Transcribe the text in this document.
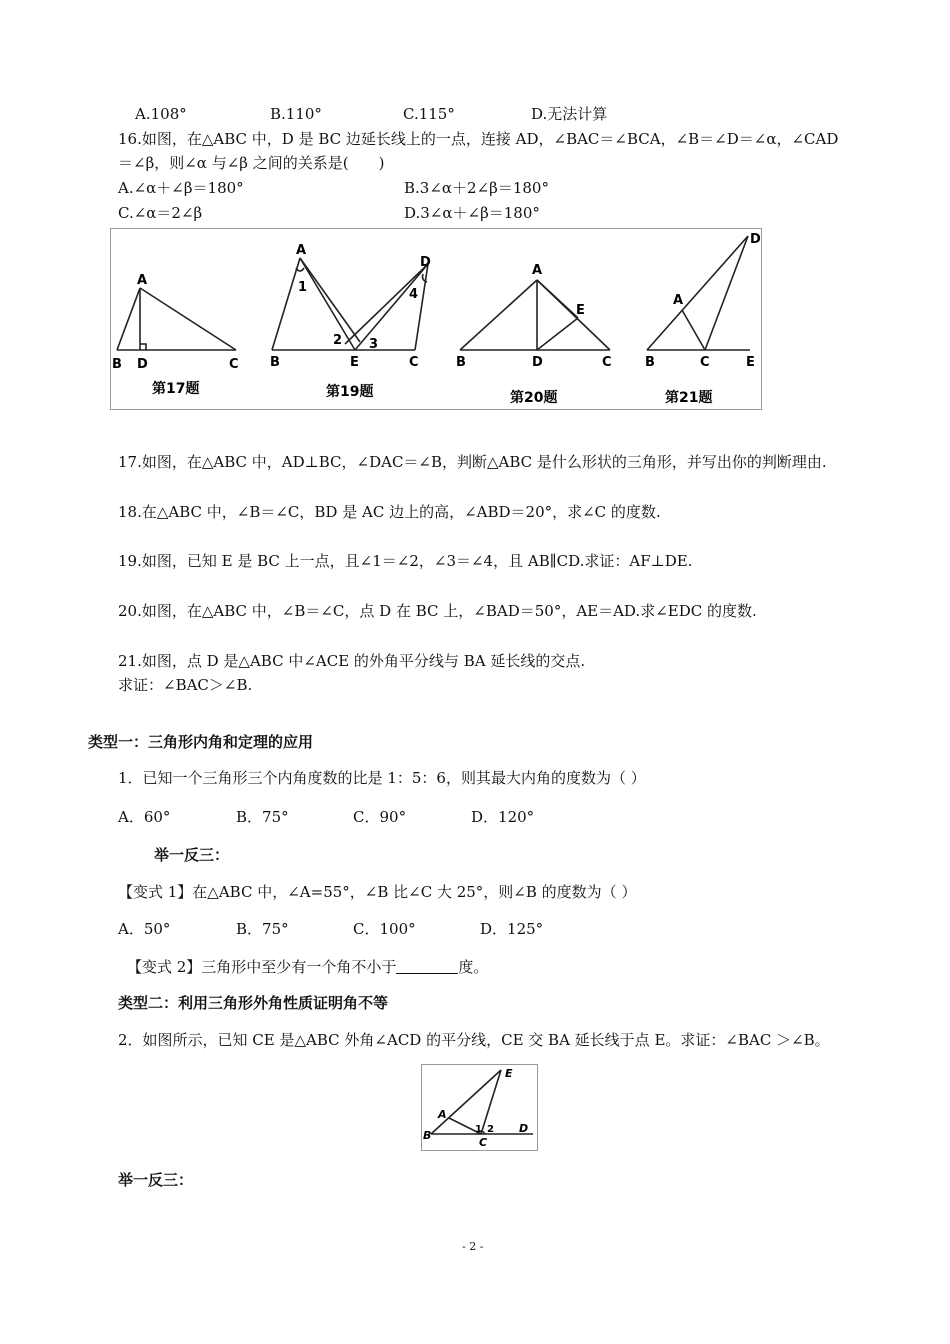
A.108°	B.110°	C.115°	D.无法计算
16.如图，在△ABC 中，D 是 BC 边延长线上的一点，连接 AD，∠BAC＝∠BCA，∠B＝∠D＝∠α，∠CAD
＝∠β，则∠α 与∠β 之间的关系是(　　)
A.∠α＋∠β＝180°	B.3∠α＋2∠β＝180°
C.∠α＝2∠β	D.3∠α＋∠β＝180°
A
B D	C
第17题
A
D
B	E	C
1
2 3
4
第19题
A
E
B	D	C
第20题
D
A
B	C	E
第21题
17.如图，在△ABC 中，AD⊥BC，∠DAC＝∠B，判断△ABC 是什么形状的三角形，并写出你的判断理由.
18.在△ABC 中，∠B＝∠C，BD 是 AC 边上的高，∠ABD＝20°，求∠C 的度数.
19.如图，已知 E 是 BC 上一点，且∠1＝∠2，∠3＝∠4，且 AB∥CD.求证：AF⊥DE.
20.如图，在△ABC 中，∠B＝∠C，点 D 在 BC 上，∠BAD＝50°，AE＝AD.求∠EDC 的度数.
21.如图，点 D 是△ABC 中∠ACE 的外角平分线与 BA 延长线的交点.
求证：∠BAC＞∠B.
类型一：三角形内角和定理的应用
1．已知一个三角形三个内角度数的比是 1：5：6，则其最大内角的度数为（ ）
A．60°	B．75°	C．90°	D．120°
举一反三：
【变式 1】在△ABC 中，∠A=55°，∠B 比∠C 大 25°，则∠B 的度数为（ ）
A．50°	B．75°	C．100°	D．125°
【变式 2】三角形中至少有一个角不小于	度。
类型二：利用三角形外角性质证明角不等
2．如图所示，已知 CE 是△ABC 外角∠ACD 的平分线，CE 交 BA 延长线于点 E。求证：∠BAC ＞∠B。
E
A
B	1 2
C
D
举一反三：
- 2 -
